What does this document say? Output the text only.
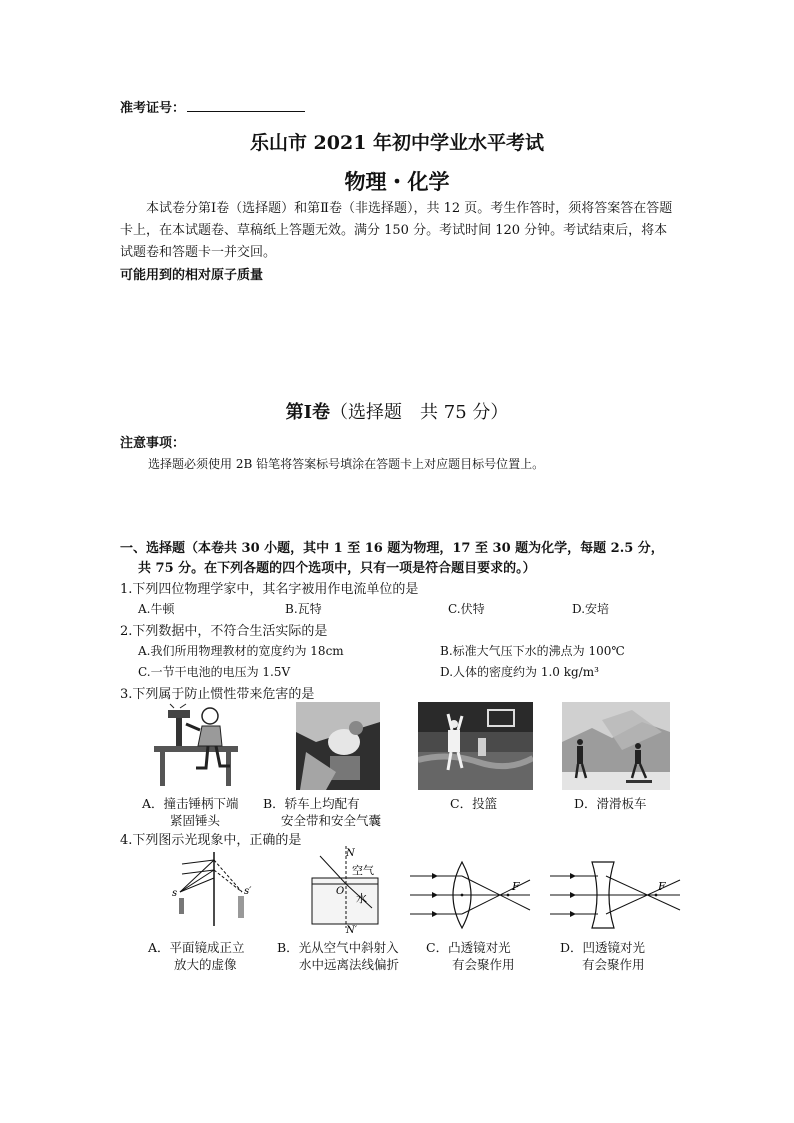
准考证号：
乐山市 2021 年初中学业水平考试
物理・化学
本试卷分第Ⅰ卷（选择题）和第Ⅱ卷（非选择题），共 12 页。考生作答时，须将答案答在答题卡上，在本试题卷、草稿纸上答题无效。满分 150 分。考试时间 120 分钟。考试结束后，将本试题卷和答题卡一并交回。
可能用到的相对原子质量
第Ⅰ卷（选择题　共 75 分）
注意事项：
选择题必须使用 2B 铅笔将答案标号填涂在答题卡上对应题目标号位置上。
一、选择题（本卷共 30 小题，其中 1 至 16 题为物理，17 至 30 题为化学，每题 2.5 分，
共 75 分。在下列各题的四个选项中，只有一项是符合题目要求的。）
1.下列四位物理学家中，其名字被用作电流单位的是
A.牛顿	B.瓦特	C.伏特	D.安培
2.下列数据中，不符合生活实际的是
A.我们所用物理教材的宽度约为 18cm	B.标准大气压下水的沸点为 100℃
C.一节干电池的电压为 1.5V	D.人体的密度约为 1.0 kg/m³
3.下列属于防止惯性带来危害的是
A．撞击锤柄下端
紧固锤头
B．轿车上均配有
安全带和安全气囊
C．投篮	D．滑滑板车
4.下列图示光现象中，正确的是
s	s′
N
N′
空气
水
O	F	F
A．平面镜成正立
放大的虚像
B．光从空气中斜射入
水中远离法线偏折
C．凸透镜对光
有会聚作用
D．凹透镜对光
有会聚作用
